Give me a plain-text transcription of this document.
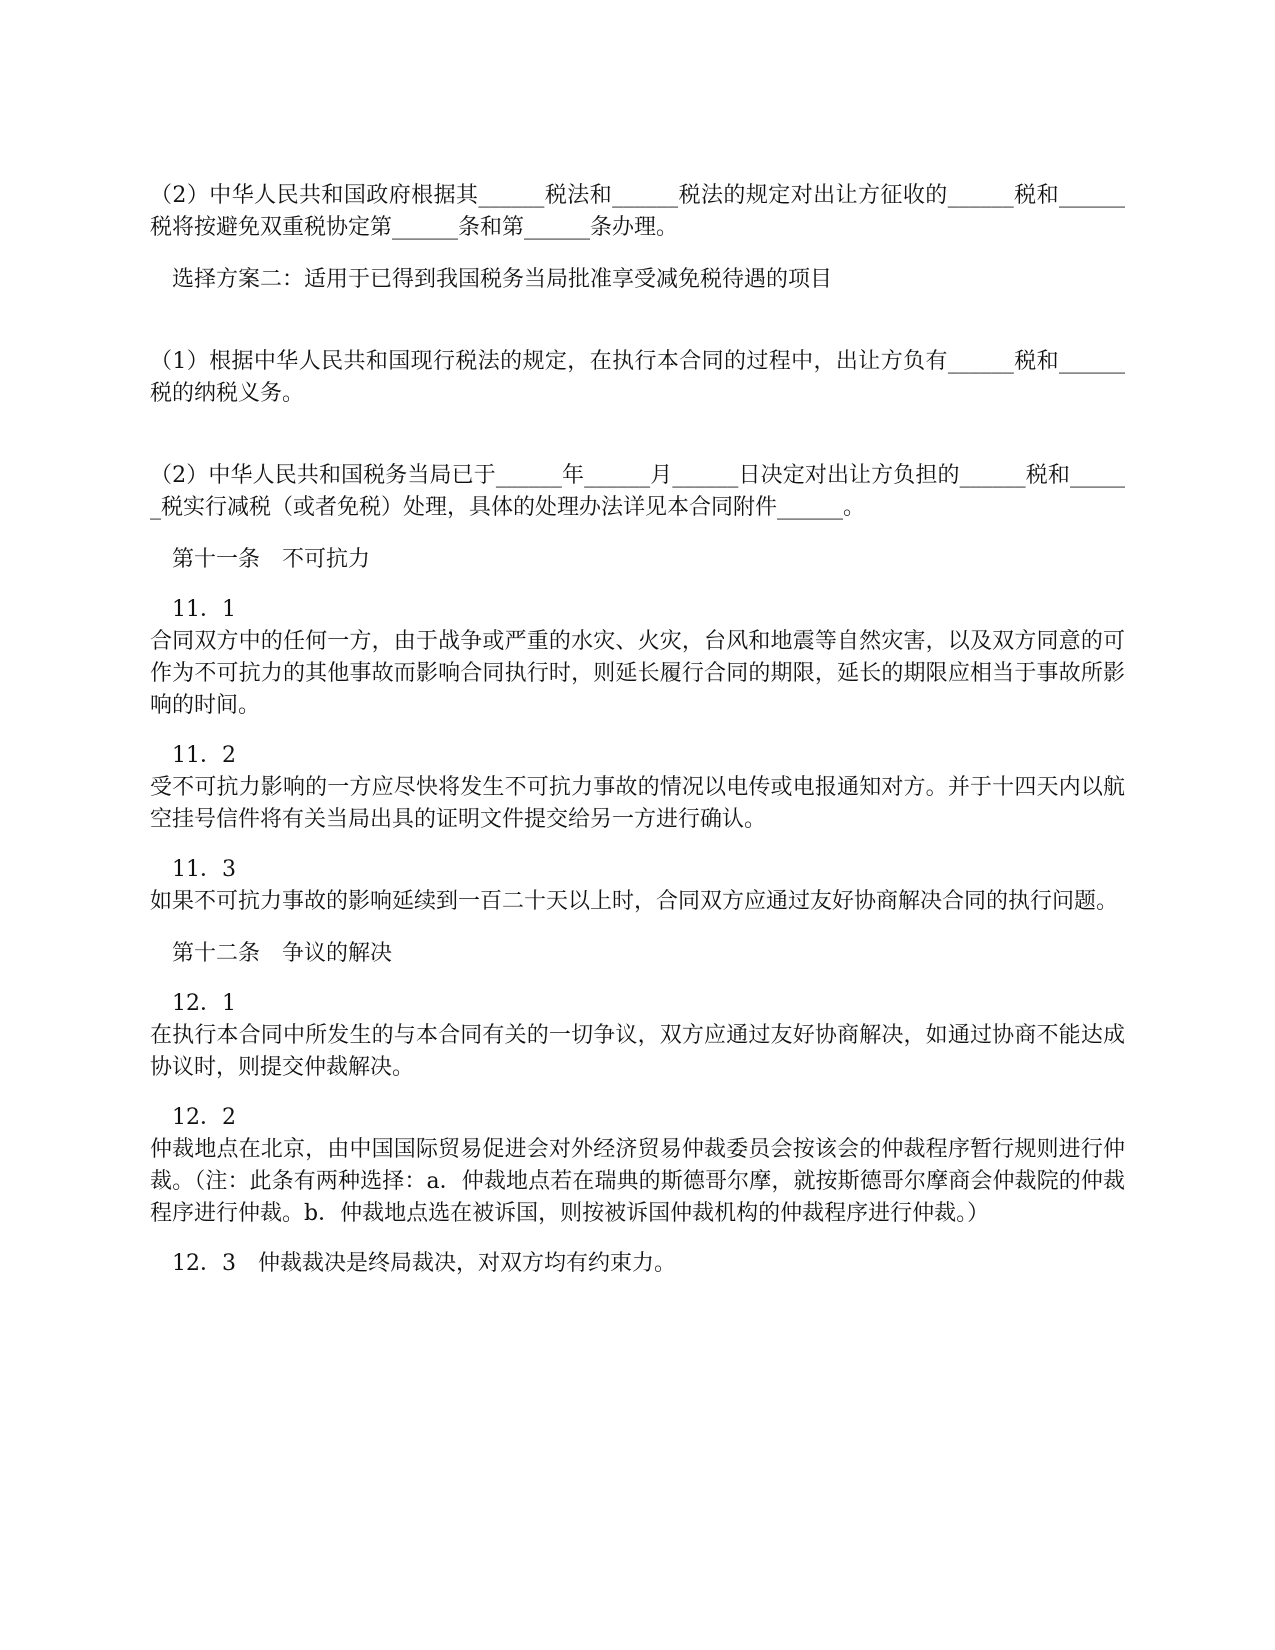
（2）中华人民共和国政府根据其______税法和______税法的规定对出让方征收的______税和______税将按避免双重税协定第______条和第______条办理。

选择方案二：适用于已得到我国税务当局批准享受减免税待遇的项目

（1）根据中华人民共和国现行税法的规定，在执行本合同的过程中，出让方负有______税和______税的纳税义务。

（2）中华人民共和国税务当局已于______年______月______日决定对出让方负担的______税和______税实行减税（或者免税）处理，具体的处理办法详见本合同附件______。

第十一条　不可抗力

11．1

合同双方中的任何一方，由于战争或严重的水灾、火灾，台风和地震等自然灾害，以及双方同意的可作为不可抗力的其他事故而影响合同执行时，则延长履行合同的期限，延长的期限应相当于事故所影响的时间。

11．2

受不可抗力影响的一方应尽快将发生不可抗力事故的情况以电传或电报通知对方。并于十四天内以航空挂号信件将有关当局出具的证明文件提交给另一方进行确认。

11．3

如果不可抗力事故的影响延续到一百二十天以上时，合同双方应通过友好协商解决合同的执行问题。

第十二条　争议的解决

12．1

在执行本合同中所发生的与本合同有关的一切争议，双方应通过友好协商解决，如通过协商不能达成协议时，则提交仲裁解决。

12．2

仲裁地点在北京，由中国国际贸易促进会对外经济贸易仲裁委员会按该会的仲裁程序暂行规则进行仲裁。（注：此条有两种选择：a．仲裁地点若在瑞典的斯德哥尔摩，就按斯德哥尔摩商会仲裁院的仲裁程序进行仲裁。b．仲裁地点选在被诉国，则按被诉国仲裁机构的仲裁程序进行仲裁。）

12．3　仲裁裁决是终局裁决，对双方均有约束力。
